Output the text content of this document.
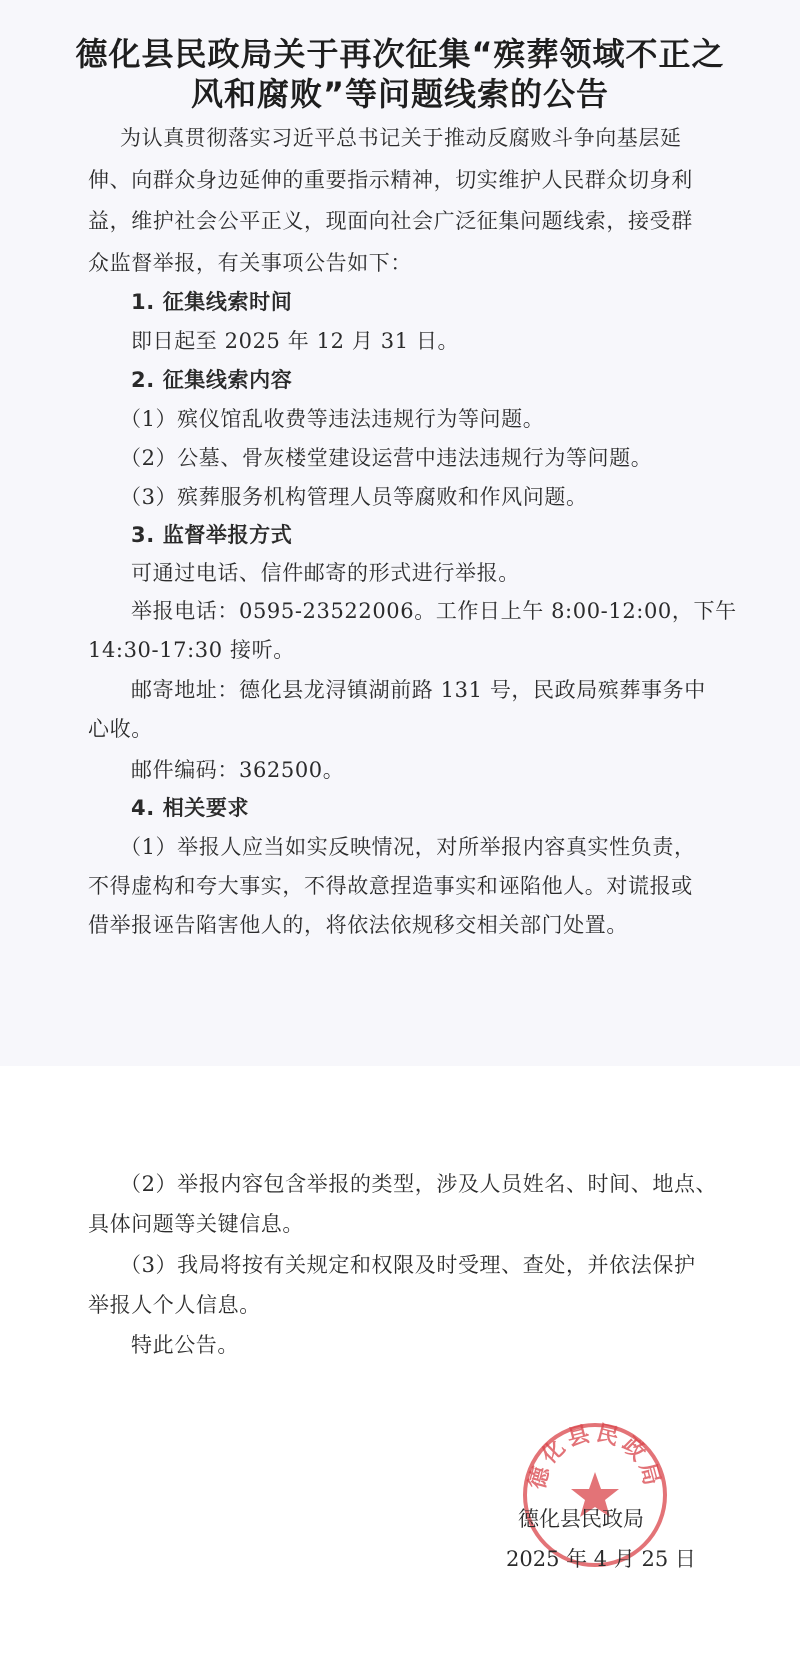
德化县民政局关于再次征集“殡葬领域不正之
风和腐败”等问题线索的公告
为认真贯彻落实习近平总书记关于推动反腐败斗争向基层延
伸、向群众身边延伸的重要指示精神，切实维护人民群众切身利
益，维护社会公平正义，现面向社会广泛征集问题线索，接受群
众监督举报，有关事项公告如下：
1. 征集线索时间
即日起至 2025 年 12 月 31 日。
2. 征集线索内容
（1）殡仪馆乱收费等违法违规行为等问题。
（2）公墓、骨灰楼堂建设运营中违法违规行为等问题。
（3）殡葬服务机构管理人员等腐败和作风问题。
3. 监督举报方式
可通过电话、信件邮寄的形式进行举报。
举报电话：0595-23522006。工作日上午 8:00-12:00，下午
14:30-17:30 接听。
邮寄地址：德化县龙浔镇湖前路 131 号，民政局殡葬事务中
心收。
邮件编码：362500。
4. 相关要求
（1）举报人应当如实反映情况，对所举报内容真实性负责，
不得虚构和夸大事实，不得故意捏造事实和诬陷他人。对谎报或
借举报诬告陷害他人的，将依法依规移交相关部门处置。
（2）举报内容包含举报的类型，涉及人员姓名、时间、地点、
具体问题等关键信息。
（3）我局将按有关规定和权限及时受理、查处，并依法保护
举报人个人信息。
特此公告。
德化县民政局
德化县民政局
2025 年 4 月 25 日
